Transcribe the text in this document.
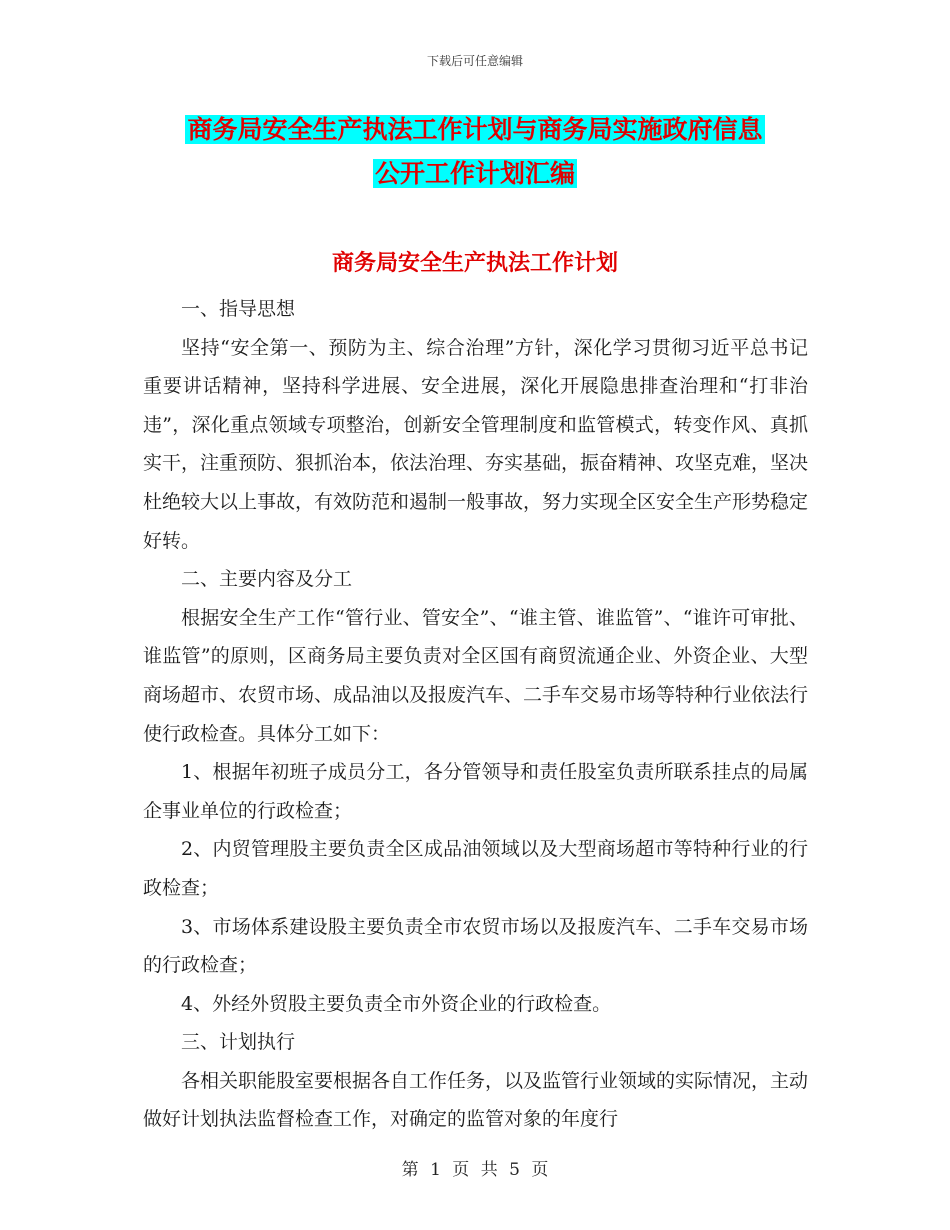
下载后可任意编辑
商务局安全生产执法工作计划与商务局实施政府信息
公开工作计划汇编
商务局安全生产执法工作计划

一、指导思想

坚持“安全第一、预防为主、综合治理”方针，深化学习贯彻习近平总书记重要讲话精神，坚持科学进展、安全进展，深化开展隐患排查治理和“打非治违”，深化重点领域专项整治，创新安全管理制度和监管模式，转变作风、真抓实干，注重预防、狠抓治本，依法治理、夯实基础，振奋精神、攻坚克难，坚决杜绝较大以上事故，有效防范和遏制一般事故，努力实现全区安全生产形势稳定好转。

二、主要内容及分工

根据安全生产工作“管行业、管安全”、“谁主管、谁监管”、“谁许可审批、谁监管”的原则，区商务局主要负责对全区国有商贸流通企业、外资企业、大型商场超市、农贸市场、成品油以及报废汽车、二手车交易市场等特种行业依法行使行政检查。具体分工如下：

1、根据年初班子成员分工，各分管领导和责任股室负责所联系挂点的局属企事业单位的行政检查；

2、内贸管理股主要负责全区成品油领域以及大型商场超市等特种行业的行政检查；

3、市场体系建设股主要负责全市农贸市场以及报废汽车、二手车交易市场的行政检查；

4、外经外贸股主要负责全市外资企业的行政检查。

三、计划执行

各相关职能股室要根据各自工作任务，以及监管行业领域的实际情况，主动做好计划执法监督检查工作，对确定的监管对象的年度行

第 1 页 共 5 页
